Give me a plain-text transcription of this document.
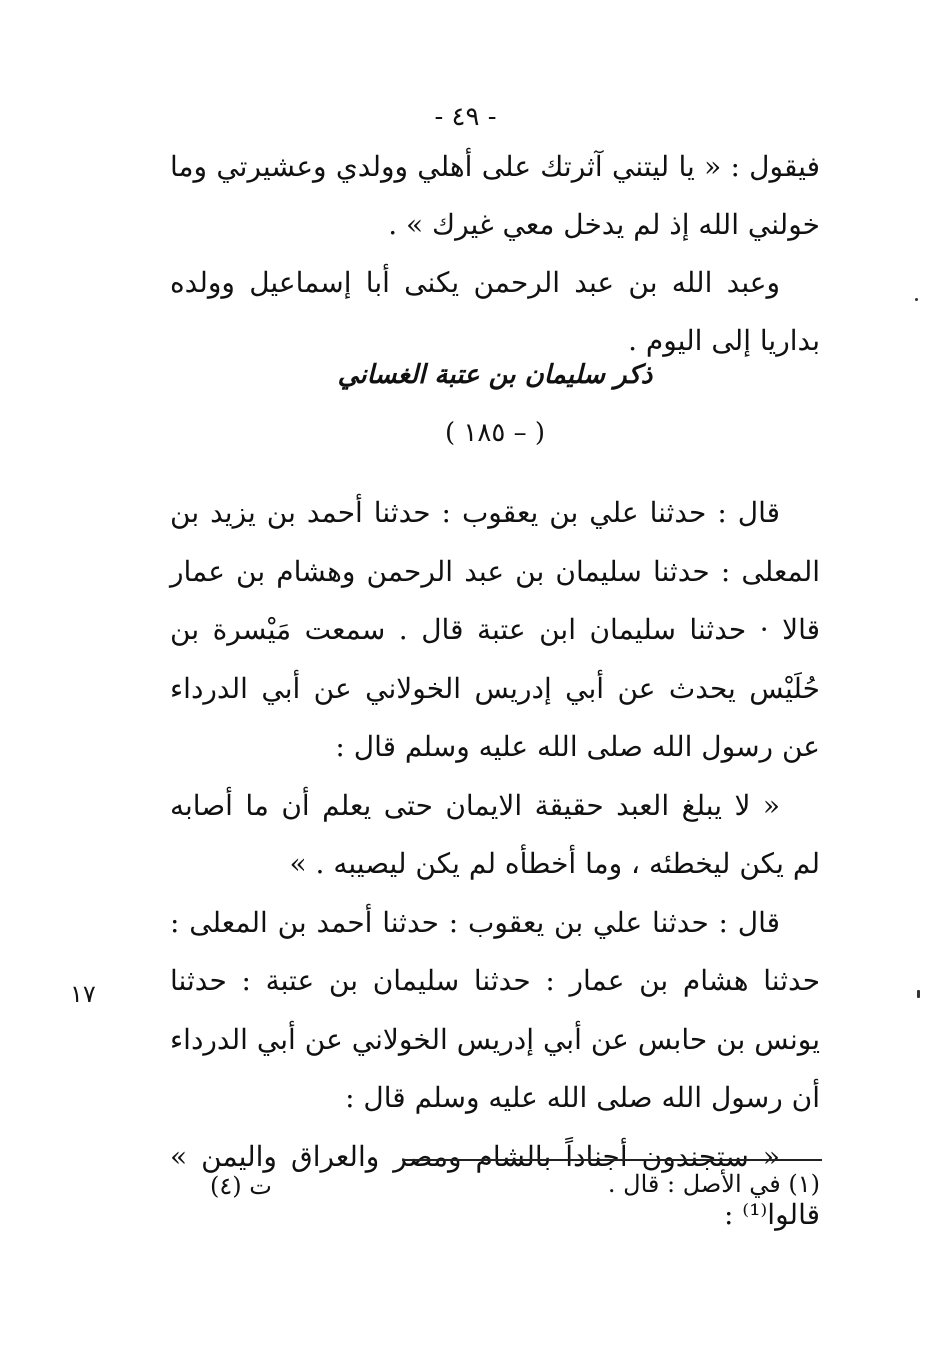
- ٤٩ -

فيقول : « يا ليتني آثرتك على أهلي وولدي وعشيرتي وما خولني الله إذ لم يدخل معي غيرك » .

وعبد الله بن عبد الرحمن يكنى أبا إسماعيل وولده بداريا إلى اليوم .

ذكر سليمان بن عتبة الغساني
( – ١٨٥ )

قال : حدثنا علي بن يعقوب : حدثنا أحمد بن يزيد بن المعلى : حدثنا سليمان بن عبد الرحمن وهشام بن عمار قالا · حدثنا سليمان ابن عتبة قال . سمعت مَيْسرة بن حُلَيْس يحدث عن أبي إدريس الخولاني عن أبي الدرداء عن رسول الله صلى الله عليه وسلم قال :

« لا يبلغ العبد حقيقة الايمان حتى يعلم أن ما أصابه لم يكن ليخطئه ، وما أخطأه لم يكن ليصيبه . »

قال : حدثنا علي بن يعقوب : حدثنا أحمد بن المعلى : حدثنا هشام بن عمار : حدثنا سليمان بن عتبة : حدثنا يونس بن حابس عن أبي إدريس الخولاني عن أبي الدرداء أن رسول الله صلى الله عليه وسلم قال :

« ستجندون أجناداً بالشام ومصر والعراق واليمن » قالوا⁽¹⁾ :

١٧
(١) في الأصل : قال .
ت (٤)
